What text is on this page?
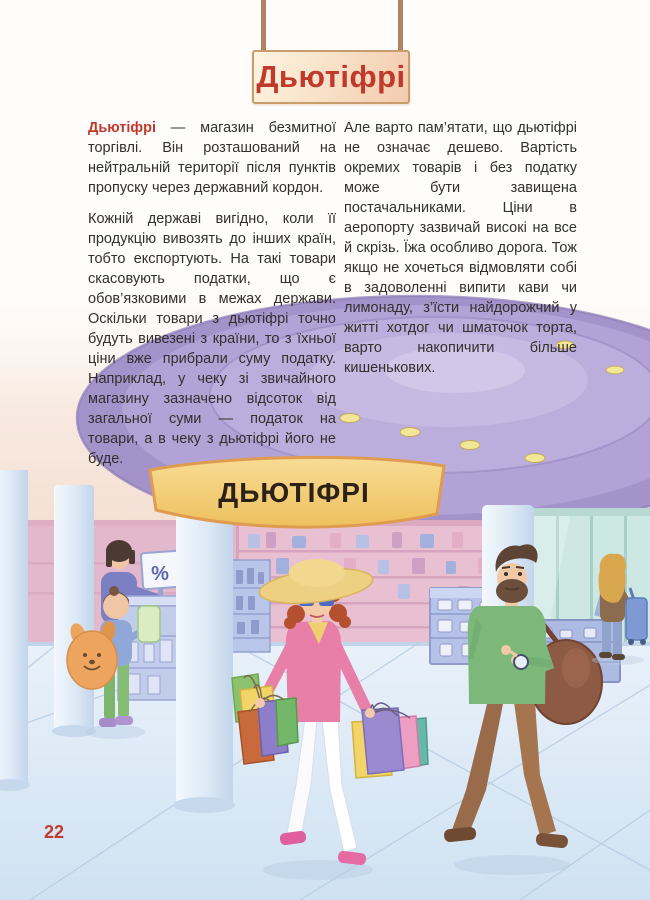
%
ДЬЮТІФРІ
Дьютіфрі

Дьютіфрі — магазин безмитної торгівлі. Він розташований на нейтральній території після пунктів пропуску через державний кордон.

Кожній державі вигідно, коли її продукцію вивозять до інших країн, тобто експортують. На такі товари скасовують податки, що є обов’язковими в межах держави. Оскільки товари з дьютіфрі точно будуть вивезені з країни, то з їхньої ціни вже прибрали суму податку. Наприклад, у чеку зі звичайного магазину зазначено відсоток від загальної суми — податок на товари, а в чеку з дьютіфрі його не буде.

Але варто пам’ятати, що дьютіфрі не означає дешево. Вартість окремих товарів і без податку може бути завищена постачальниками. Ціни в аеропорту зазвичай високі на все й скрізь. Їжа особливо дорога. Тож якщо не хочеться відмовляти собі в задоволенні випити кави чи лимонаду, з’їсти найдорожчий у житті хотдог чи шматочок торта, варто накопичити більше кишенькових.

22
